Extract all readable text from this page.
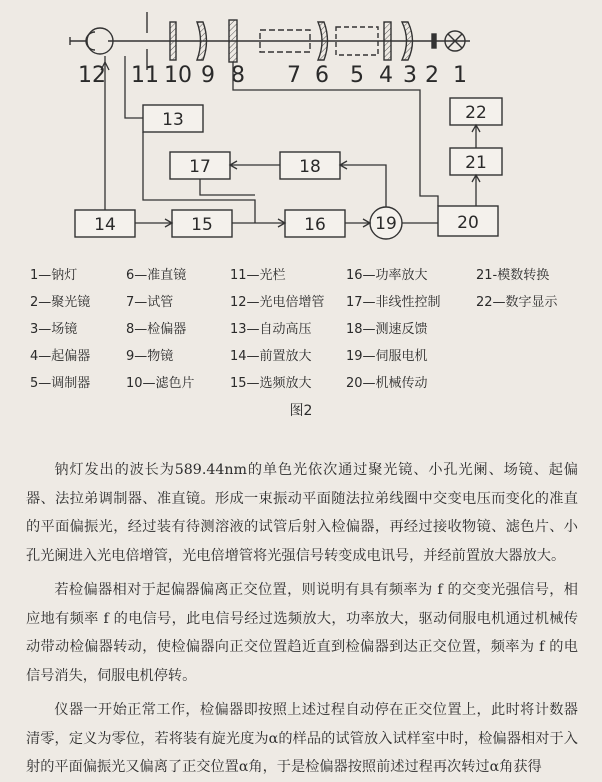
12 11 10 9 8 7 6 5 4 3 2 1
13
14	15	16
17	18
19	20
21
22
1—钠灯	6—准直镜	11—光栏	16—功率放大	21-模数转换
2—聚光镜	7—试管	12—光电倍增管 17—非线性控制	22—数字显示
3—场镜	8—检偏器	13—自动高压	18—测速反馈
4—起偏器	9—物镜	14—前置放大	19—伺服电机
5—调制器	10—滤色片	15—选频放大	20—机械传动
图2

钠灯发出的波长为589.44nm的单色光依次通过聚光镜、小孔光阑、场镜、起偏器、法拉弟调制器、准直镜。形成一束振动平面随法拉弟线圈中交变电压而变化的准直的平面偏振光，经过装有待测溶液的试管后射入检偏器，再经过接收物镜、滤色片、小孔光阑进入光电倍增管，光电倍增管将光强信号转变成电讯号，并经前置放大器放大。

若检偏器相对于起偏器偏离正交位置，则说明有具有频率为 f 的交变光强信号，相应地有频率 f 的电信号，此电信号经过选频放大，功率放大，驱动伺服电机通过机械传动带动检偏器转动，使检偏器向正交位置趋近直到检偏器到达正交位置，频率为 f 的电信号消失，伺服电机停转。

仪器一开始正常工作，检偏器即按照上述过程自动停在正交位置上，此时将计数器清零，定义为零位，若将装有旋光度为α的样品的试管放入试样室中时，检偏器相对于入射的平面偏振光又偏离了正交位置α角，于是检偏器按照前述过程再次转过α角获得
